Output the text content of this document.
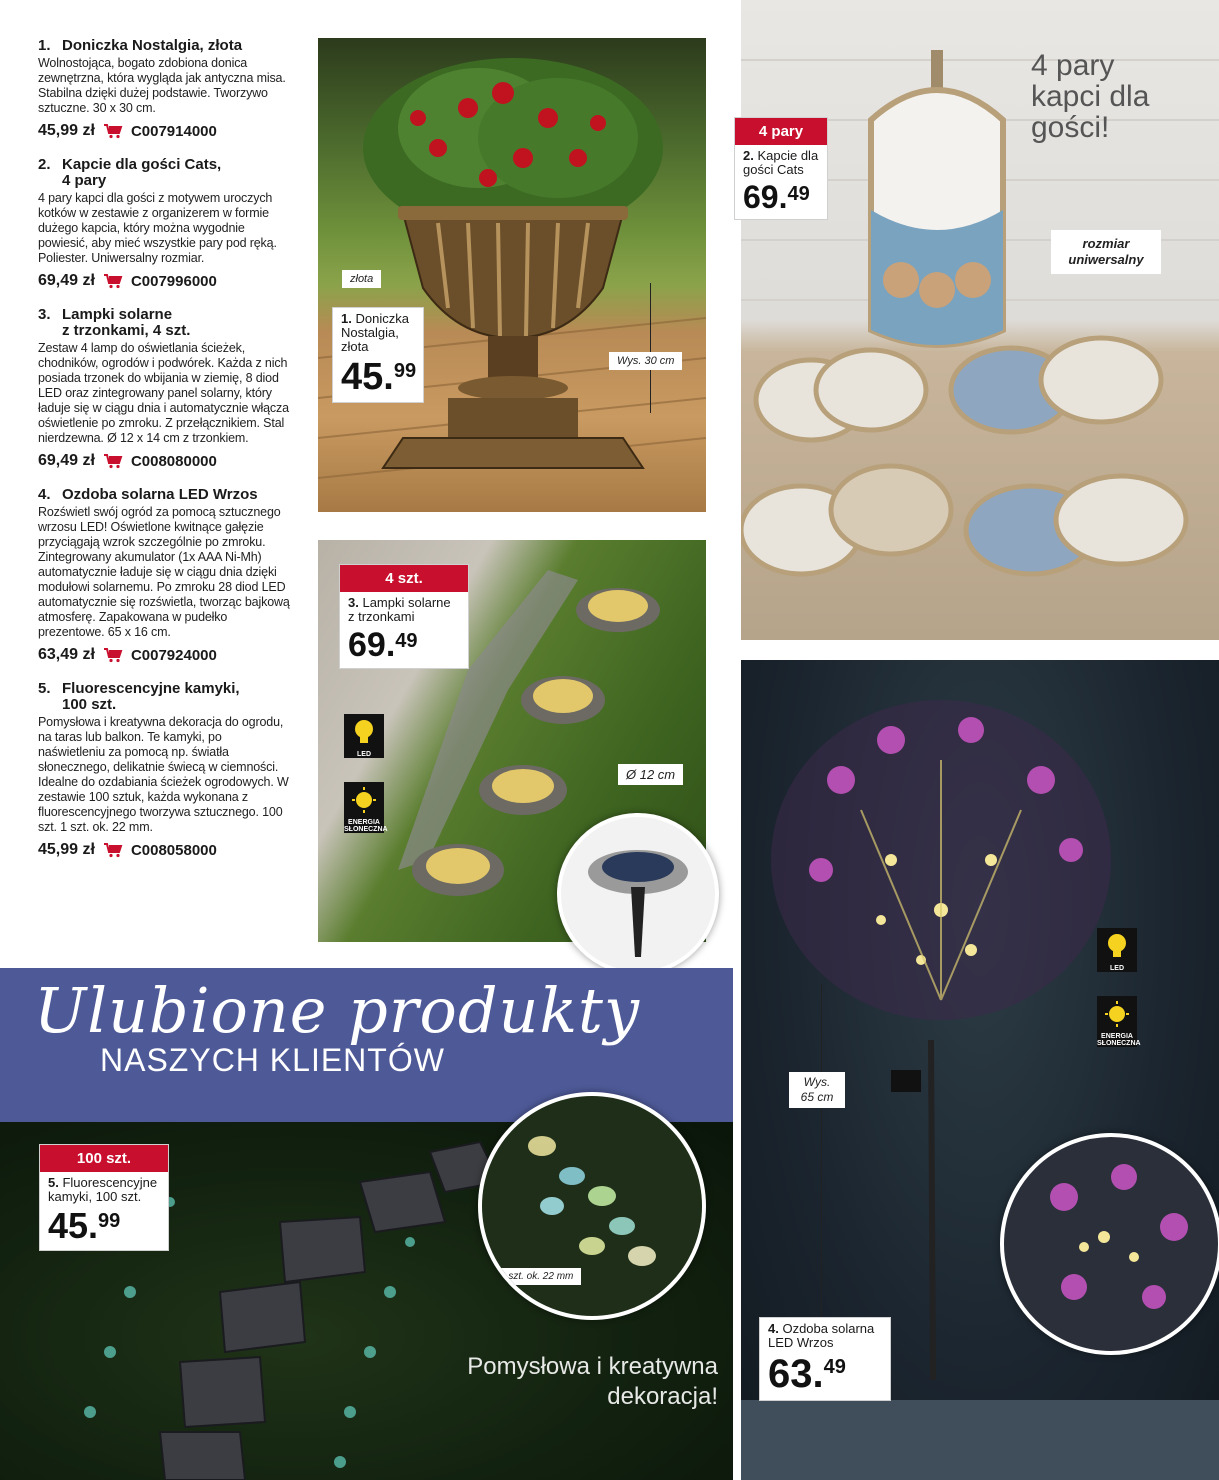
1. Doniczka Nostalgia, złota
Wolnostojąca, bogato zdobiona donica zewnętrzna, która wygląda jak antyczna misa. Stabilna dzięki dużej podstawie. Tworzywo sztuczne. 30 x 30 cm.
45,99 zł C007914000
2. Kapcie dla gości Cats,
4 pary
4 pary kapci dla gości z motywem uroczych kotków w zestawie z organizerem w formie dużego kapcia, który można wygodnie powiesić, aby mieć wszystkie pary pod ręką. Poliester. Uniwersalny rozmiar.
69,49 zł C007996000
3. Lampki solarne
z trzonkami, 4 szt.
Zestaw 4 lamp do oświetlania ścieżek, chodników, ogrodów i podwórek. Każda z nich posiada trzonek do wbijania w ziemię, 8 diod LED oraz zintegrowany panel solarny, który ładuje się w ciągu dnia i automatycznie włącza oświetlenie po zmroku. Z przełącznikiem. Stal nierdzewna. Ø 12 x 14 cm z trzonkiem.
69,49 zł C008080000
4. Ozdoba solarna LED Wrzos
Rozświetl swój ogród za pomocą sztucznego wrzosu LED! Oświetlone kwitnące gałęzie przyciągają wzrok szczególnie po zmroku. Zintegrowany akumulator (1x AAA Ni-Mh) automatycznie ładuje się w ciągu dnia dzięki modułowi solarnemu. Po zmroku 28 diod LED automatycznie się rozświetla, tworząc bajkową atmosferę. Zapakowana w pudełko prezentowe. 65 x 16 cm.
63,49 zł C007924000
5. Fluorescencyjne kamyki,
100 szt.
Pomysłowa i kreatywna dekoracja do ogrodu, na taras lub balkon. Te kamyki, po naświetleniu za pomocą np. światła słonecznego, delikatnie świecą w ciemności. Idealne do ozdabiania ścieżek ogrodowych. W zestawie 100 sztuk, każda wykonana z fluorescencyjnego tworzywa sztucznego. 100 szt. 1 szt. ok. 22 mm.
45,99 zł C008058000
złota
Wys. 30 cm
1. Doniczka Nostalgia, złota
45.99
4 pary kapci dla gości!
rozmiar uniwersalny
4 pary
2. Kapcie dla gości Cats
69.49
Ø 12 cm
4 szt.
3. Lampki solarne z trzonkami
69.49
LED
ENERGIA SŁONECZNA
Wys. 65 cm
LED
ENERGIA SŁONECZNA
4. Ozdoba solarna LED Wrzos
63.49
Ulubione produkty
NASZYCH KLIENTÓW
Pomysłowa i kreatywna dekoracja!
1 szt. ok. 22 mm
100 szt.
5. Fluorescencyjne kamyki, 100 szt.
45.99
